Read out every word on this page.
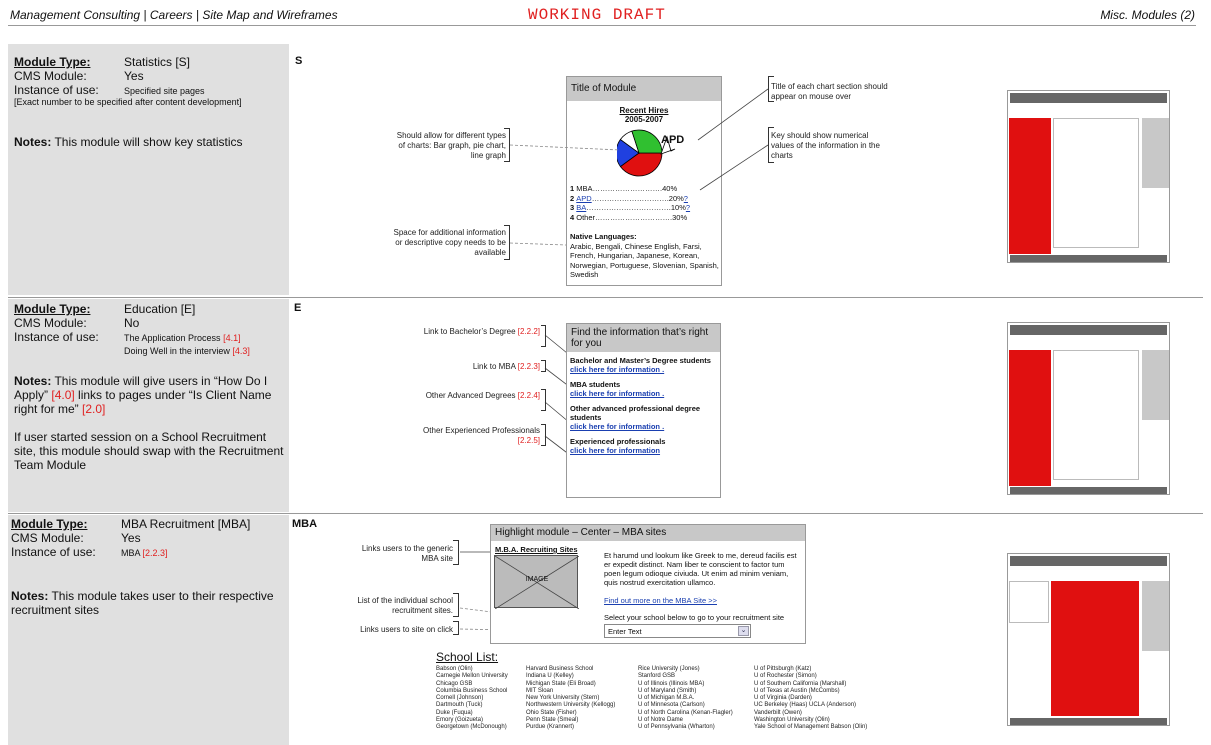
Management Consulting | Careers | Site Map and Wireframes	WORKING DRAFT	Misc. Modules (2)
Module Type:	Statistics [S]
CMS Module:	Yes
Instance of use:	Specified site pages
[Exact number to be specified after content development]
Notes: This module will show key statistics
S
Title of Module
Recent Hires
2005-2007
APD
1 MBA……………………….40%
2 APD………………………….20%?
3 BA…………………………….10%?
4 Other………………………….30%
Native Languages:
Arabic, Bengali, Chinese English, Farsi, French, Hungarian, Japanese, Korean, Norwegian, Portuguese, Slovenian, Spanish, Swedish
Should allow for different types of charts: Bar graph, pie chart, line graph
Space for additional information or descriptive copy needs to be available
Title of each chart section should appear on mouse over
Key should show numerical values of the information in the charts
Module Type:	Education [E]
CMS Module:	No
Instance of use:	The Application Process [4.1]
Doing Well in the interview [4.3]
Notes: This module will give users in “How Do I Apply” [4.0] links to pages under “Is Client Name right for me” [2.0]
If user started session on a School Recruitment site, this module should swap with the Recruitment Team Module
E
Find the information that’s right for you
Bachelor and Master’s Degree students
click here for information .
MBA students
click here for information .
Other advanced professional degree students
click here for information .
Experienced professionals
click here for information
Link to Bachelor’s Degree [2.2.2]
Link to MBA [2.2.3]
Other Advanced Degrees [2.2.4]
Other Experienced Professionals [2.2.5]
Module Type:	MBA Recruitment [MBA]
CMS Module:	Yes
Instance of use:	MBA [2.2.3]
Notes: This module takes user to their respective recruitment sites
MBA
Highlight module – Center – MBA sites
M.B.A. Recruiting Sites
IMAGE
Et harumd und lookum like Greek to me, dereud facilis est er expedit distinct. Nam liber te conscient to factor tum poen legum odioque civiuda. Ut enim ad minim veniam, quis nostrud exercitation ullamco.
Find out more on the MBA Site >>
Select your school below to go to your recruitment site
Enter Text	⌄
Links users to the generic MBA site
List of the individual school recruitment sites.
Links users to site on click
School List:
Babson (Olin)
Carnegie Mellon University
Chicago GSB
Columbia Business School
Cornell (Johnson)
Dartmouth (Tuck)
Duke (Fuqua)
Emory (Goizueta)
Georgetown (McDonough)
Harvard Business School
Indiana U (Kelley)
Michigan State (Eli Broad)
MIT Sloan
New York University (Stern)
Northwestern University (Kellogg)
Ohio State (Fisher)
Penn State (Smeal)
Purdue (Krannert)
Rice University (Jones)
Stanford GSB
U of Illinois (Illinois MBA)
U of Maryland (Smith)
U of Michigan M.B.A.
U of Minnesota (Carlson)
U of North Carolina (Kenan-Flagler)
U of Notre Dame
U of Pennsylvania (Wharton)
U of Pittsburgh (Katz)
U of Rochester (Simon)
U of Southern California (Marshall)
U of Texas at Austin (McCombs)
U of Virginia (Darden)
UC Berkeley (Haas) UCLA (Anderson)
Vanderbilt (Owen)
Washington University (Olin)
Yale School of Management Babson (Olin)
